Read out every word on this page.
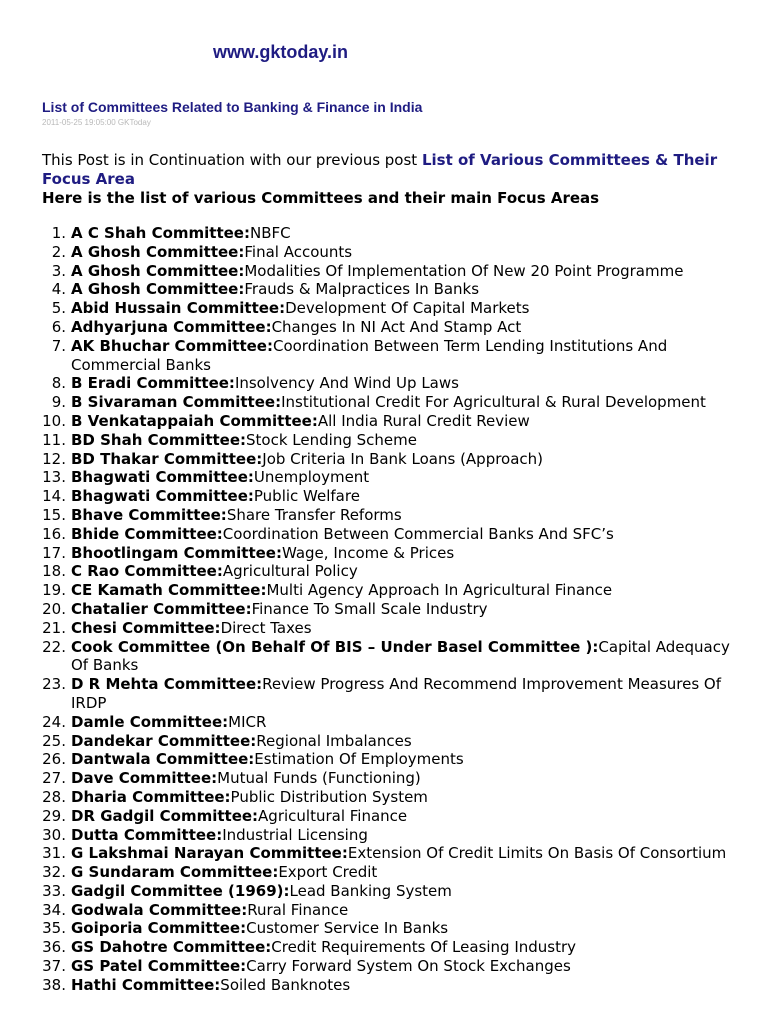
www.gktoday.in
List of Committees Related to Banking & Finance in India
2011-05-25 19:05:00 GKToday
This Post is in Continuation with our previous post List of Various Committees & Their Focus Area
Here is the list of various Committees and their main Focus Areas
1. A C Shah Committee:NBFC
2. A Ghosh Committee:Final Accounts
3. A Ghosh Committee:Modalities Of Implementation Of New 20 Point Programme
4. A Ghosh Committee:Frauds & Malpractices In Banks
5. Abid Hussain Committee:Development Of Capital Markets
6. Adhyarjuna Committee:Changes In NI Act And Stamp Act
7. AK Bhuchar Committee:Coordination Between Term Lending Institutions And Commercial Banks
8. B Eradi Committee:Insolvency And Wind Up Laws
9. B Sivaraman Committee:Institutional Credit For Agricultural & Rural Development
10. B Venkatappaiah Committee:All India Rural Credit Review
11. BD Shah Committee:Stock Lending Scheme
12. BD Thakar Committee:Job Criteria In Bank Loans (Approach)
13. Bhagwati Committee:Unemployment
14. Bhagwati Committee:Public Welfare
15. Bhave Committee:Share Transfer Reforms
16. Bhide Committee:Coordination Between Commercial Banks And SFC’s
17. Bhootlingam Committee:Wage, Income & Prices
18. C Rao Committee:Agricultural Policy
19. CE Kamath Committee:Multi Agency Approach In Agricultural Finance
20. Chatalier Committee:Finance To Small Scale Industry
21. Chesi Committee:Direct Taxes
22. Cook Committee (On Behalf Of BIS – Under Basel Committee ):Capital Adequacy Of Banks
23. D R Mehta Committee:Review Progress And Recommend Improvement Measures Of IRDP
24. Damle Committee:MICR
25. Dandekar Committee:Regional Imbalances
26. Dantwala Committee:Estimation Of Employments
27. Dave Committee:Mutual Funds (Functioning)
28. Dharia Committee:Public Distribution System
29. DR Gadgil Committee:Agricultural Finance
30. Dutta Committee:Industrial Licensing
31. G Lakshmai Narayan Committee:Extension Of Credit Limits On Basis Of Consortium
32. G Sundaram Committee:Export Credit
33. Gadgil Committee (1969):Lead Banking System
34. Godwala Committee:Rural Finance
35. Goiporia Committee:Customer Service In Banks
36. GS Dahotre Committee:Credit Requirements Of Leasing Industry
37. GS Patel Committee:Carry Forward System On Stock Exchanges
38. Hathi Committee:Soiled Banknotes
